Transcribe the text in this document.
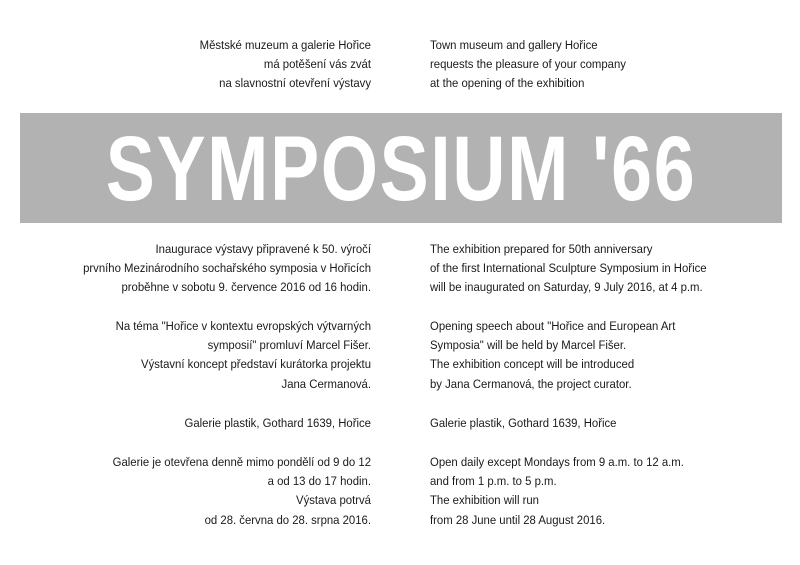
Městské muzeum a galerie Hořice
má potěšení vás zvát
na slavnostní otevření výstavy
Town museum and gallery Hořice
requests the pleasure of your company
at the opening of the exhibition
SYMPOSIUM '66
Inaugurace výstavy připravené k 50. výročí
prvního Mezinárodního sochařského symposia v Hořicích
proběhne v sobotu 9. července 2016 od 16 hodin.
The exhibition prepared for 50th anniversary
of the first International Sculpture Symposium in Hořice
will be inaugurated on Saturday, 9 July 2016, at 4 p.m.
Na téma "Hořice v kontextu evropských výtvarných
symposií" promluví Marcel Fišer.
Výstavní koncept představí kurátorka projektu
Jana Cermanová.
Opening speech about "Hořice and European Art
Symposia" will be held by Marcel Fišer.
The exhibition concept will be introduced
by Jana Cermanová, the project curator.
Galerie plastik, Gothard 1639, Hořice	Galerie plastik, Gothard 1639, Hořice
Galerie je otevřena denně mimo pondělí od 9 do 12
a od 13 do 17 hodin.
Výstava potrvá
od 28. června do 28. srpna 2016.
Open daily except Mondays from 9 a.m. to 12 a.m.
and from 1 p.m. to 5 p.m.
The exhibition will run
from 28 June until 28 August 2016.
